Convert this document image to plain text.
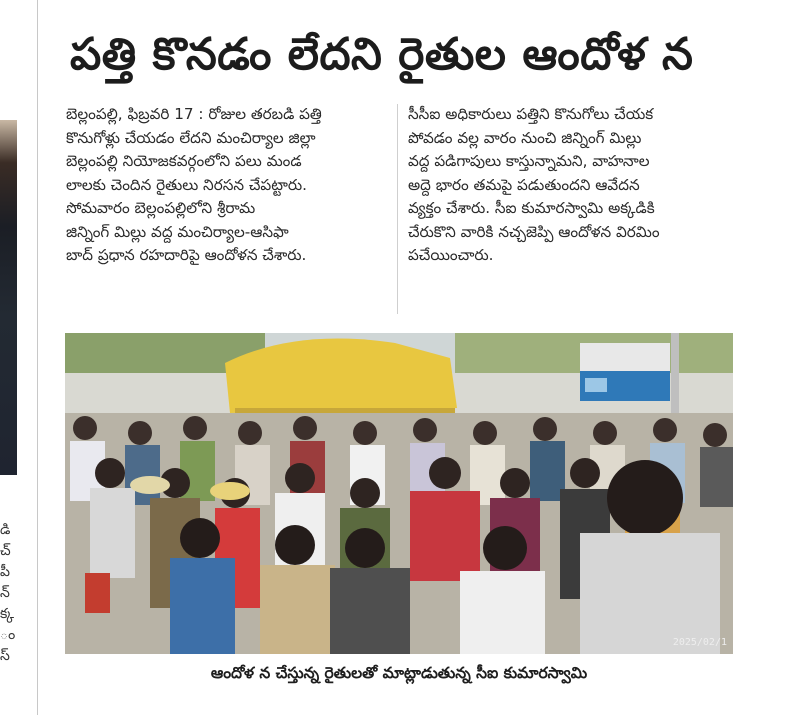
డి
చ్
పీ
న్
క్క
ం
స్
పత్తి కొనడం లేదని రైతుల ఆందోళ న
బెల్లంపల్లి, ఫిబ్రవరి 17 : రోజుల తరబడి పత్తి
కొనుగోళ్లు చేయడం లేదని మంచిర్యాల జిల్లా
బెల్లంపల్లి నియోజకవర్గంలోని పలు మండ
లాలకు చెందిన రైతులు నిరసన చేపట్టారు.
సోమవారం బెల్లంపల్లిలోని శ్రీరామ
జిన్నింగ్ మిల్లు వద్ద మంచిర్యాల-ఆసిఫా
బాద్ ప్రధాన రహదారిపై ఆందోళన చేశారు.
సీసీఐ అధికారులు పత్తిని కొనుగోలు చేయక
పోవడం వల్ల వారం నుంచి జిన్నింగ్ మిల్లు
వద్ద పడిగాపులు కాస్తున్నామని, వాహనాల
అద్దె భారం తమపై పడుతుందని ఆవేదన
వ్యక్తం చేశారు. సీఐ కుమారస్వామి అక్కడికి
చేరుకొని వారికి నచ్చజెప్పి ఆందోళన విరమిం
పచేయించారు.
2025/02/1
ఆందోళ న చేస్తున్న రైతులతో మాట్లాడుతున్న సీఐ కుమారస్వామి
